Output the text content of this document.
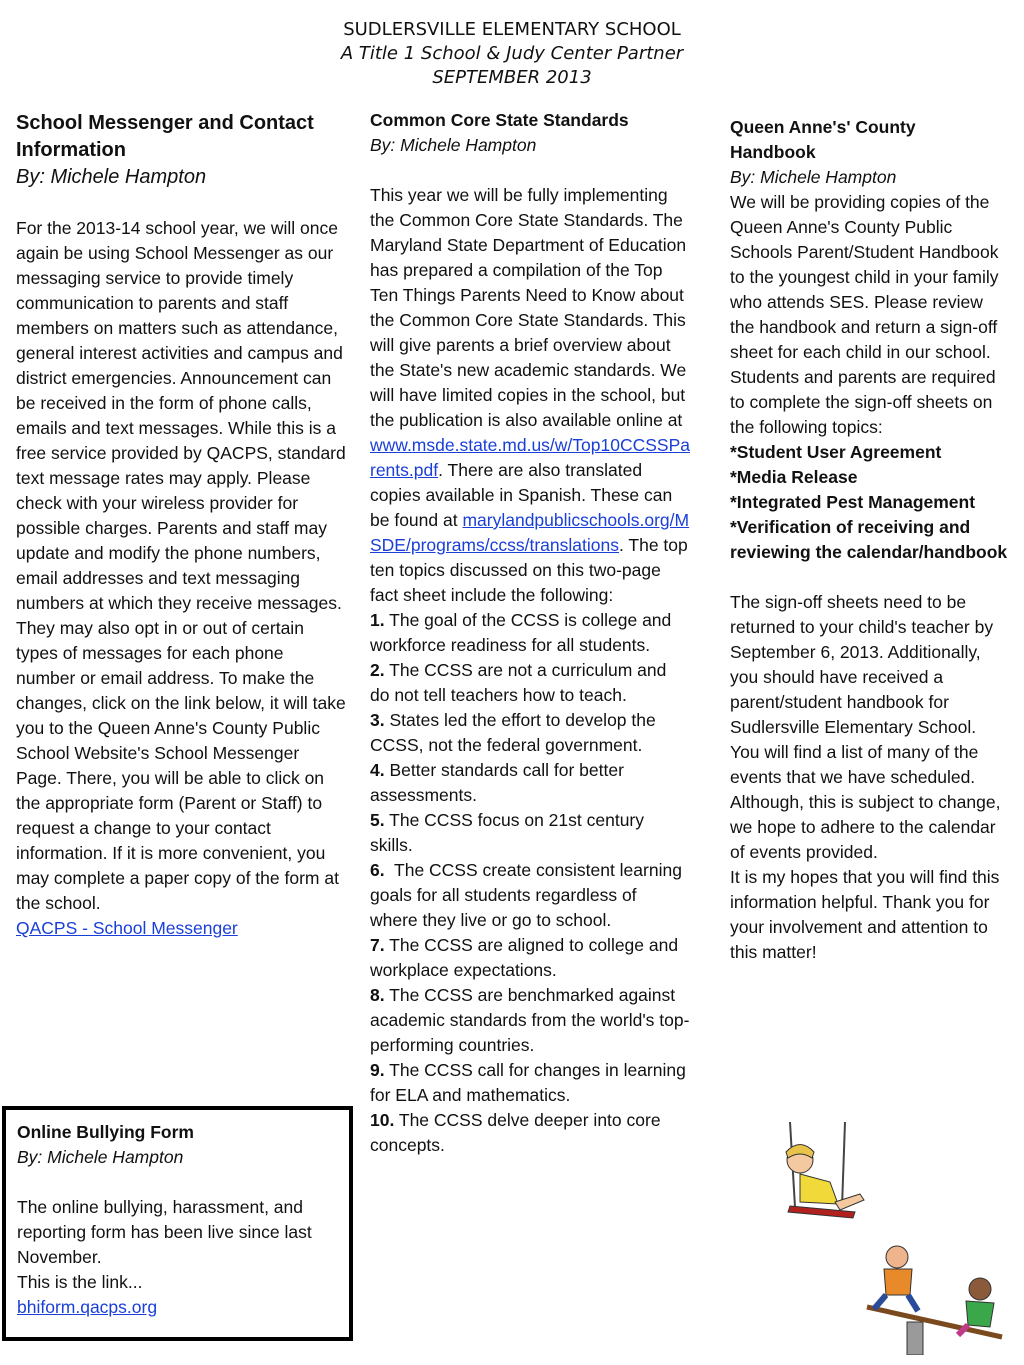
SUDLERSVILLE ELEMENTARY SCHOOL
A Title 1 School & Judy Center Partner
SEPTEMBER 2013

School Messenger and Contact

Information

By: Michele Hampton

For the 2013-14 school year, we will once again be using School Messenger as our messaging service to provide timely communication to parents and staff members on matters such as attendance, general interest activities and campus and district emergencies. Announcement can be received in the form of phone calls, emails and text messages. While this is a free service provided by QACPS, standard text message rates may apply. Please check with your wireless provider for possible charges. Parents and staff may update and modify the phone numbers, email addresses and text messaging numbers at which they receive messages. They may also opt in or out of certain types of messages for each phone number or email address. To make the changes, click on the link below, it will take you to the Queen Anne's County Public School Website's School Messenger Page. There, you will be able to click on the appropriate form (Parent or Staff) to request a change to your contact information. If it is more convenient, you may complete a paper copy of the form at the school.

QACPS - School Messenger

Online Bullying Form

By: Michele Hampton

The online bullying, harassment, and reporting form has been live since last November.

This is the link...

bhiform.qacps.org

Common Core State Standards

By: Michele Hampton

This year we will be fully implementing the Common Core State Standards. The Maryland State Department of Education has prepared a compilation of the Top Ten Things Parents Need to Know about the Common Core State Standards. This will give parents a brief overview about the State's new academic standards. We will have limited copies in the school, but the publication is also available online at www.msde.state.md.us/w/Top10CCSSParents.pdf. There are also translated copies available in Spanish. These can be found at marylandpublicschools.org/MSDE/programs/ccss/translations. The top ten topics discussed on this two-page fact sheet include the following:

1. The goal of the CCSS is college and workforce readiness for all students.

2. The CCSS are not a curriculum and do not tell teachers how to teach.

3. States led the effort to develop the CCSS, not the federal government.

4. Better standards call for better assessments.

5. The CCSS focus on 21st century skills.

6.  The CCSS create consistent learning goals for all students regardless of        where they live or go to school.

7. The CCSS are aligned to college and workplace expectations.

8. The CCSS are benchmarked against academic standards from the world's top-performing countries.

9. The CCSS call for changes in learning for ELA and mathematics.

10. The CCSS delve deeper into core concepts.

Queen Anne's' County

Handbook

By: Michele Hampton

We will be providing copies of the Queen Anne's County Public Schools Parent/Student Handbook to the youngest child in your family who attends SES. Please review the handbook and return a sign-off sheet for each child in our school. Students and parents are required to complete the sign-off sheets on the following topics:

*Student User Agreement

*Media Release

*Integrated Pest Management

*Verification of receiving and reviewing the calendar/handbook

The sign-off sheets need to be returned to your child's teacher by September 6, 2013. Additionally, you should have received a parent/student handbook for Sudlersville Elementary School. You will find a list of many of the events that we have scheduled. Although, this is subject to change, we hope to adhere to the calendar of events provided.

It is my hopes that you will find this information helpful. Thank you for your involvement and attention to this matter!
